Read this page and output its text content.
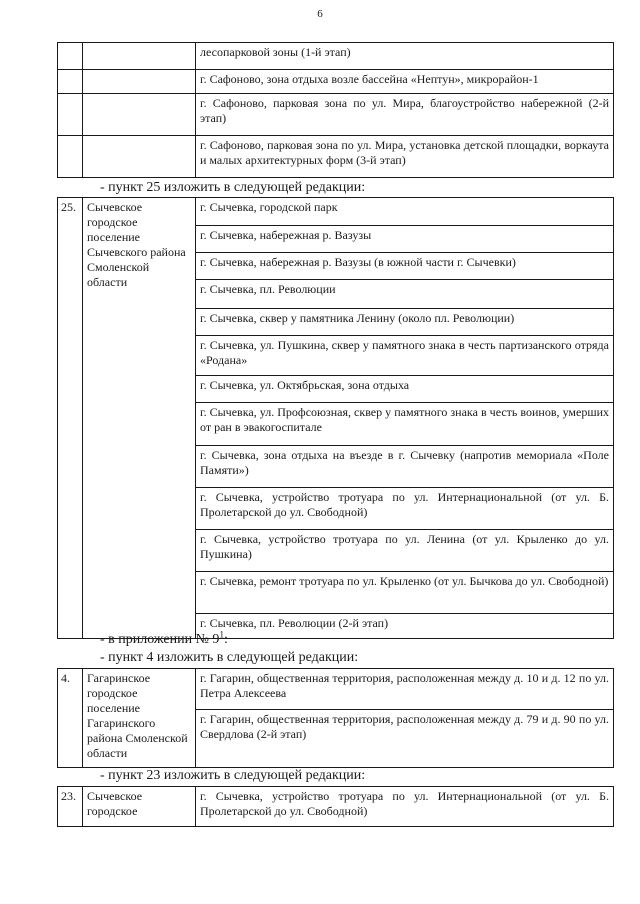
6
		лесопарковой зоны (1-й этап)
		г. Сафоново, зона отдыха возле бассейна «Нептун», микрорайон-1
		г. Сафоново, парковая зона по ул. Мира, благоустройство набережной (2-й этап)
		г. Сафоново, парковая зона по ул. Мира, установка детской площадки, воркаута и малых архитектурных форм (3-й этап)
- пункт 25 изложить в следующей редакции:
25.	Сычевское городское поселение Сычевского района Смоленской области	г. Сычевка, городской парк
г. Сычевка, набережная р. Вазузы
г. Сычевка, набережная р. Вазузы (в южной части г. Сычевки)
г. Сычевка, пл. Революции
г. Сычевка, сквер у памятника Ленину (около пл. Революции)
г. Сычевка, ул. Пушкина, сквер у памятного знака в честь партизанского отряда «Родана»
г. Сычевка, ул. Октябрьская, зона отдыха
г. Сычевка, ул. Профсоюзная, сквер у памятного знака в честь воинов, умерших от ран в эвакогоспитале
г. Сычевка, зона отдыха на въезде в г. Сычевку (напротив мемориала «Поле Памяти»)
г. Сычевка, устройство тротуара по ул. Интернациональной (от ул. Б. Пролетарской до ул. Свободной)
г. Сычевка, устройство тротуара по ул. Ленина (от ул. Крыленко до ул. Пушкина)
г. Сычевка, ремонт тротуара по ул. Крыленко (от ул. Бычкова до ул. Свободной)
г. Сычевка, пл. Революции (2-й этап)
- в приложении № $9^1$:
- пункт 4 изложить в следующей редакции:
4.	Гагаринское городское поселение Гагаринского района Смоленской области	г. Гагарин, общественная территория, расположенная между д. 10 и д. 12 по ул. Петра Алексеева
г. Гагарин, общественная территория, расположенная между д. 79 и д. 90 по ул. Свердлова (2-й этап)
- пункт 23 изложить в следующей редакции:
23.	Сычевское городское	г. Сычевка, устройство тротуара по ул. Интернациональной (от ул. Б. Пролетарской до ул. Свободной)
